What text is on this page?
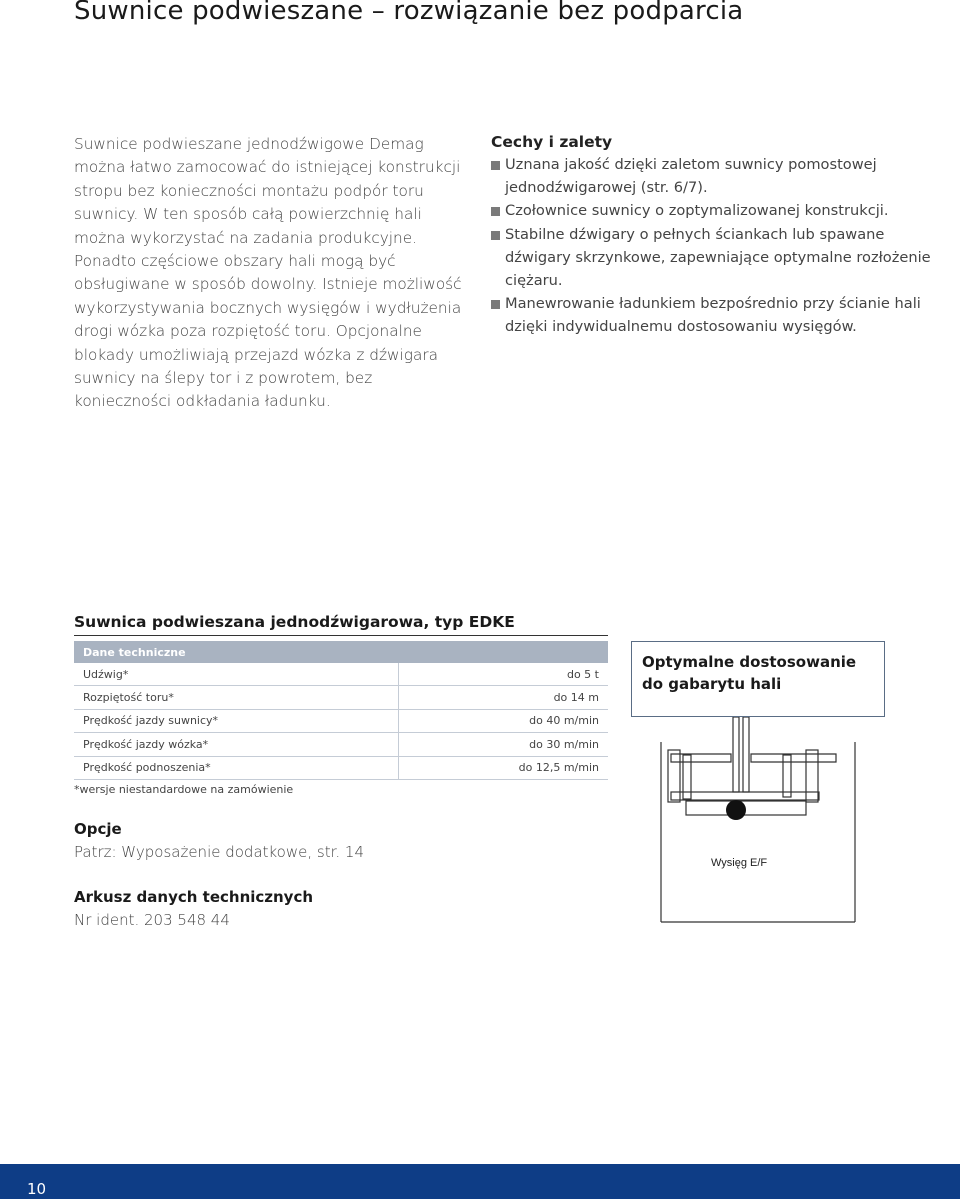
Suwnice podwieszane – rozwiązanie bez podparcia

Suwnice podwieszane jednodźwigowe Demag można łatwo zamocować do istniejącej konstrukcji stropu bez konieczności montażu podpór toru suwnicy. W ten sposób całą powierzchnię hali można wykorzystać na zadania produkcyjne. Ponadto częściowe obszary hali mogą być obsługiwane w sposób dowolny. Istnieje możliwość wykorzystywania bocznych wysięgów i wydłużenia drogi wózka poza rozpiętość toru. Opcjonalne blokady umożliwiają przejazd wózka z dźwigara suwnicy na ślepy tor i z powrotem, bez konieczności odkładania ładunku.

Cechy i zalety
Uznana jakość dzięki zaletom suwnicy pomostowej jednodźwigarowej (str. 6/7).
Czołownice suwnicy o zoptymalizowanej konstrukcji.
Stabilne dźwigary o pełnych ściankach lub spawane dźwigary skrzynkowe, zapewniające optymalne rozłożenie ciężaru.
Manewrowanie ładunkiem bezpośrednio przy ścianie hali dzięki indywidualnemu dostosowaniu wysięgów.
Suwnica podwieszana jednodźwigarowa, typ EDKE
Dane techniczne	
Udźwig*	do 5 t
Rozpiętość toru*	do 14 m
Prędkość jazdy suwnicy*	do 40 m/min
Prędkość jazdy wózka*	do 30 m/min
Prędkość podnoszenia*	do 12,5 m/min
*wersje niestandardowe na zamówienie
Opcje
Patrz: Wyposażenie dodatkowe, str. 14
Arkusz danych technicznych
Nr ident. 203 548 44
Optymalne dostosowanie
do gabarytu hali
Wysięg E/F
10
